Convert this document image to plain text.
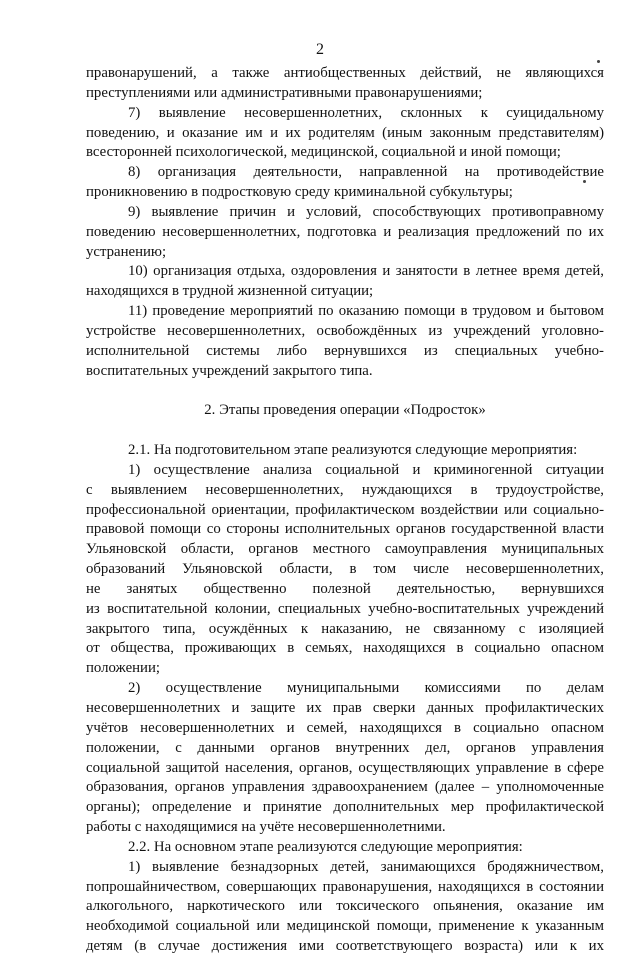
2
правонарушений, а также антиобщественных действий, не являющихся
преступлениями или административными правонарушениями;
7) выявление несовершеннолетних, склонных к суицидальному
поведению, и оказание им и их родителям (иным законным представителям)
всесторонней психологической, медицинской, социальной и иной помощи;
8) организация деятельности, направленной на противодействие
проникновению в подростковую среду криминальной субкультуры;
9) выявление причин и условий, способствующих противоправному
поведению несовершеннолетних, подготовка и реализация предложений по их
устранению;
10) организация отдыха, оздоровления и занятости в летнее время детей,
находящихся в трудной жизненной ситуации;
11) проведение мероприятий по оказанию помощи в трудовом и бытовом
устройстве несовершеннолетних, освобождённых из учреждений уголовно-
исполнительной системы либо вернувшихся из специальных учебно-
воспитательных учреждений закрытого типа.
2. Этапы проведения операции «Подросток»
2.1. На подготовительном этапе реализуются следующие мероприятия:
1) осуществление анализа социальной и криминогенной ситуации
с выявлением несовершеннолетних, нуждающихся в трудоустройстве,
профессиональной ориентации, профилактическом воздействии или социально-
правовой помощи со стороны исполнительных органов государственной власти
Ульяновской области, органов местного самоуправления муниципальных
образований Ульяновской области, в том числе несовершеннолетних,
не занятых общественно полезной деятельностью, вернувшихся
из воспитательной колонии, специальных учебно-воспитательных учреждений
закрытого типа, осуждённых к наказанию, не связанному с изоляцией
от общества, проживающих в семьях, находящихся в социально опасном
положении;
2) осуществление муниципальными комиссиями по делам
несовершеннолетних и защите их прав сверки данных профилактических
учётов несовершеннолетних и семей, находящихся в социально опасном
положении, с данными органов внутренних дел, органов управления
социальной защитой населения, органов, осуществляющих управление в сфере
образования, органов управления здравоохранением (далее – уполномоченные
органы); определение и принятие дополнительных мер профилактической
работы с находящимися на учёте несовершеннолетними.
2.2. На основном этапе реализуются следующие мероприятия:
1) выявление безнадзорных детей, занимающихся бродяжничеством,
попрошайничеством, совершающих правонарушения, находящихся в состоянии
алкогольного, наркотического или токсического опьянения, оказание им
необходимой социальной или медицинской помощи, применение к указанным
детям (в случае достижения ими соответствующего возраста) или к их
